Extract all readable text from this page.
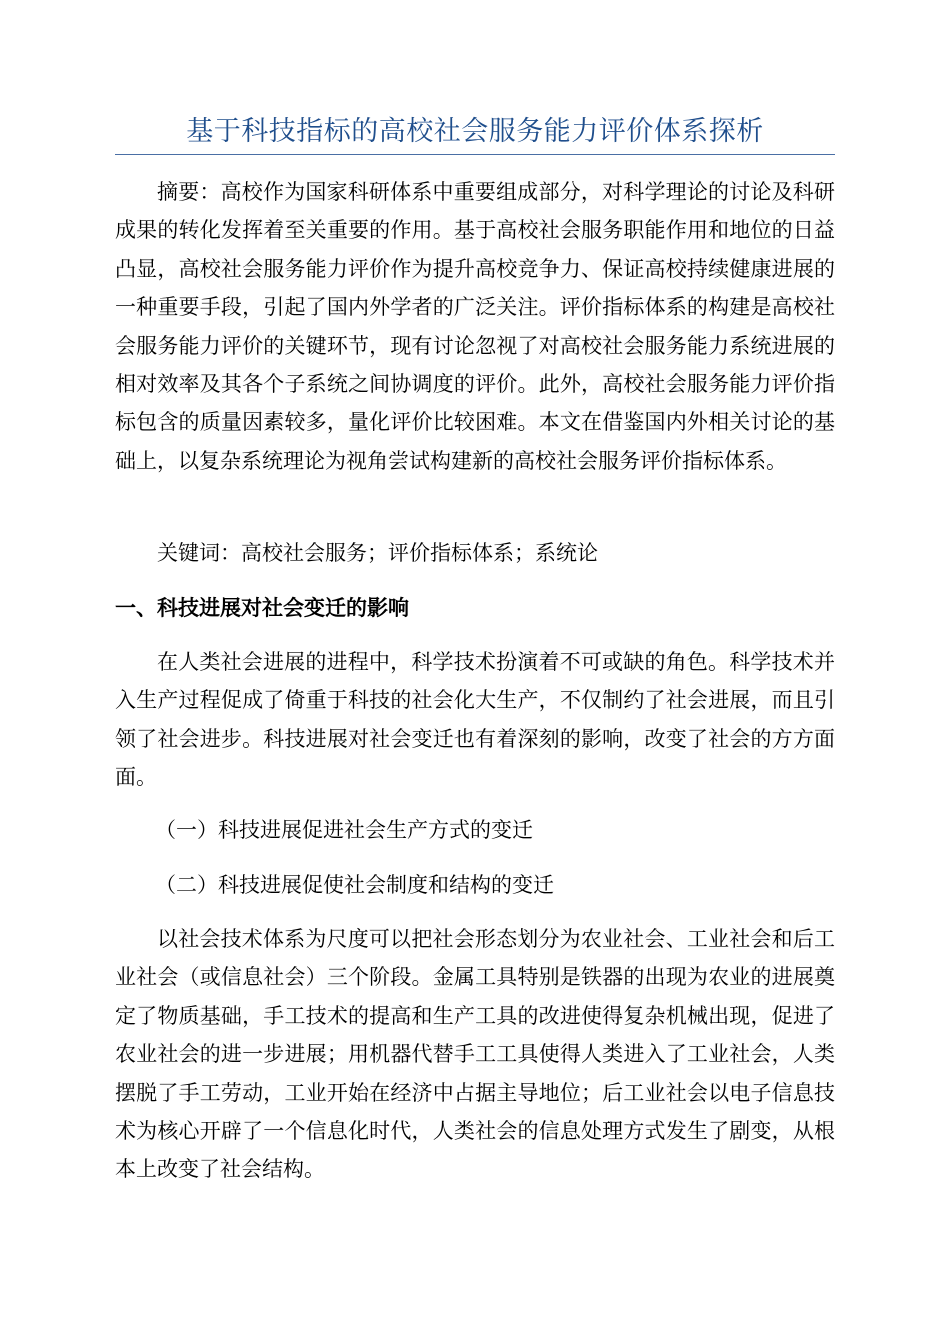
基于科技指标的高校社会服务能力评价体系探析

摘要：高校作为国家科研体系中重要组成部分，对科学理论的讨论及科研成果的转化发挥着至关重要的作用。基于高校社会服务职能作用和地位的日益凸显，高校社会服务能力评价作为提升高校竞争力、保证高校持续健康进展的一种重要手段，引起了国内外学者的广泛关注。评价指标体系的构建是高校社会服务能力评价的关键环节，现有讨论忽视了对高校社会服务能力系统进展的相对效率及其各个子系统之间协调度的评价。此外，高校社会服务能力评价指标包含的质量因素较多，量化评价比较困难。本文在借鉴国内外相关讨论的基础上，以复杂系统理论为视角尝试构建新的高校社会服务评价指标体系。

关键词：高校社会服务；评价指标体系；系统论

一、科技进展对社会变迁的影响

在人类社会进展的进程中，科学技术扮演着不可或缺的角色。科学技术并入生产过程促成了倚重于科技的社会化大生产，不仅制约了社会进展，而且引领了社会进步。科技进展对社会变迁也有着深刻的影响，改变了社会的方方面面。

（一）科技进展促进社会生产方式的变迁

（二）科技进展促使社会制度和结构的变迁

以社会技术体系为尺度可以把社会形态划分为农业社会、工业社会和后工业社会（或信息社会）三个阶段。金属工具特别是铁器的出现为农业的进展奠定了物质基础，手工技术的提高和生产工具的改进使得复杂机械出现，促进了农业社会的进一步进展；用机器代替手工工具使得人类进入了工业社会，人类摆脱了手工劳动，工业开始在经济中占据主导地位；后工业社会以电子信息技术为核心开辟了一个信息化时代，人类社会的信息处理方式发生了剧变，从根本上改变了社会结构。
